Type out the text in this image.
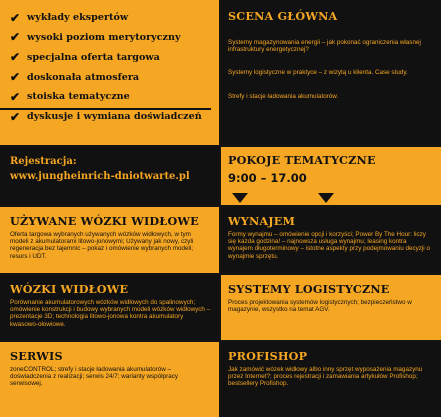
✔ wykłady ekspertów
✔ wysoki poziom merytoryczny
✔ specjalna oferta targowa
✔ doskonała atmosfera
✔ stoiska tematyczne
✔ dyskusje i wymiana doświadczeń
SCENA GŁÓWNA
10:00 – 11:00
Systemy magazynowania energii – jak pokonać ograniczenia własnej infrastruktury energetycznej?
12:00 – 13:00
Systemy logistyczne w praktyce – z wizytą u klienta. Case study.
14:00 – 15:00
Strefy i stacje ładowania akumulatorów.
Rejestracja:
www.jungheinrich-dniotwarte.pl
POKOJE TEMATYCZNE
9:00 – 17.00
UŻYWANE WÓZKI WIDŁOWE
Oferta targowa wybranych używanych wózków widłowych, w tym modeli z akumulatorami litowo-jonowymi; Używany jak nowy, czyli regeneracja bez tajemnic – pokaz i omówienie wybranych modeli; resurs i UDT.
WYNAJEM
Formy wynajmu – omówienie opcji i korzyści; Power By The Hour: liczy się każda godzina! – najnowsza usługa wynajmu; leasing kontra wynajem długoterminowy – istotne aspekty przy podejmowaniu decyzji o wynajmie sprzętu.
WÓZKI WIDŁOWE
Porównanie akumulatorowych wózków widłowych do spalinowych; omówienie konstrukcji i budowy wybranych modeli wózków widłowych – prezentacje 3D; technologia litowo-jonowa kontra akumulatory kwasowo-ołowiowe.
SYSTEMY LOGISTYCZNE
Proces projektowania systemów logistycznych; bezpieczeństwo w magazynie, wszystko na temat AGV.
SERWIS
zoneCONTROL; strefy i stacje ładowania akumulatorów – doświadczenia z realizacji; serwis 24/7; warianty współpracy serwisowej.
PROFISHOP
Jak zamówić wózek widłowy albo inny sprzęt wyposażenia magazynu przez Internet?; proces rejestracji i zamawiania artykułów Profishop; bestsellery Profishop.
